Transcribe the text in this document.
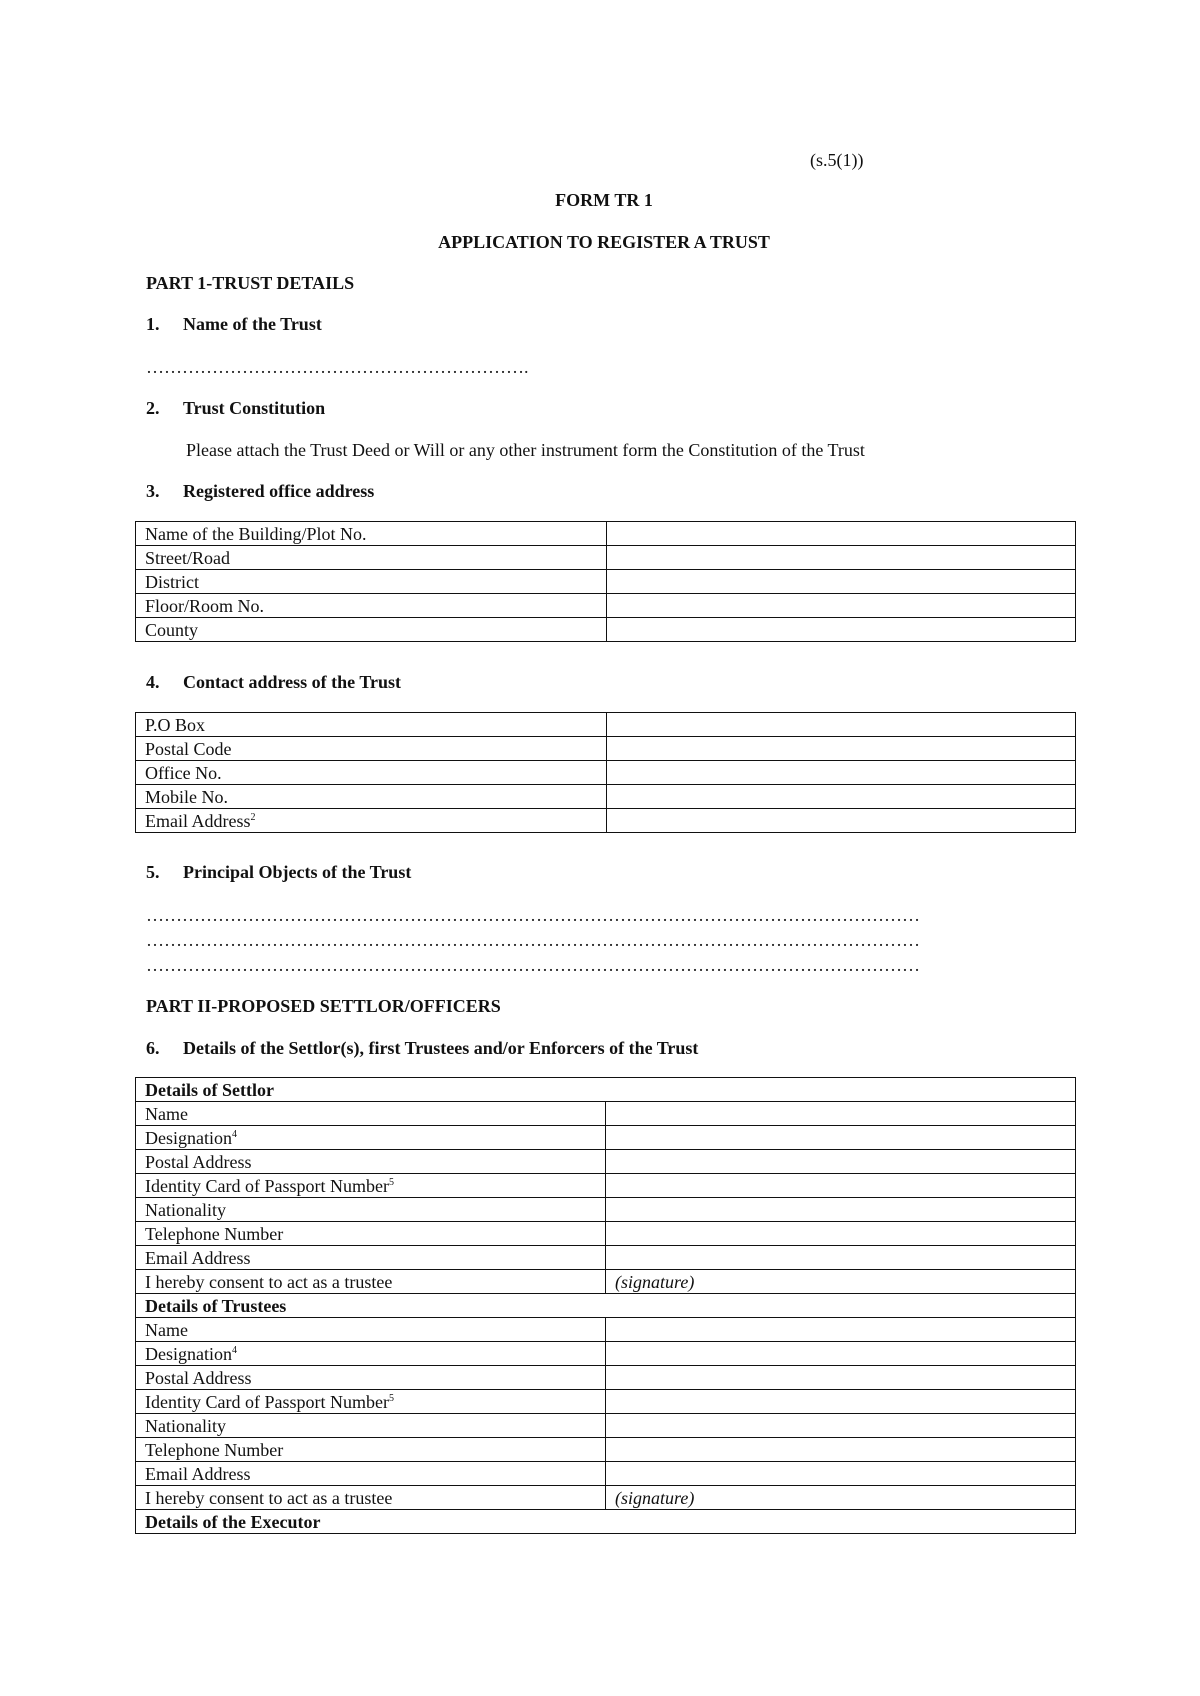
(s.5(1))
FORM TR 1
APPLICATION TO REGISTER A TRUST
PART 1-TRUST DETAILS
1. Name of the Trust
……………………………………………………….
2. Trust Constitution
Please attach the Trust Deed or Will or any other instrument form the Constitution of the Trust
3. Registered office address
Name of the Building/Plot No.	
Street/Road	
District	
Floor/Room No.	
County	
4. Contact address of the Trust
P.O Box	
Postal Code	
Office No.	
Mobile No.	
Email Address$^2$	
5. Principal Objects of the Trust
…………………………………………………………………………………………………………………
…………………………………………………………………………………………………………………
…………………………………………………………………………………………………………………
PART II-PROPOSED SETTLOR/OFFICERS
6. Details of the Settlor(s), first Trustees and/or Enforcers of the Trust
Details of Settlor	
Name	
Designation$^4$	
Postal Address	
Identity Card of Passport Number$^5$	
Nationality	
Telephone Number	
Email Address	
I hereby consent to act as a trustee	(signature)
Details of Trustees	
Name	
Designation$^4$	
Postal Address	
Identity Card of Passport Number$^5$	
Nationality	
Telephone Number	
Email Address	
I hereby consent to act as a trustee	(signature)
Details of the Executor	
